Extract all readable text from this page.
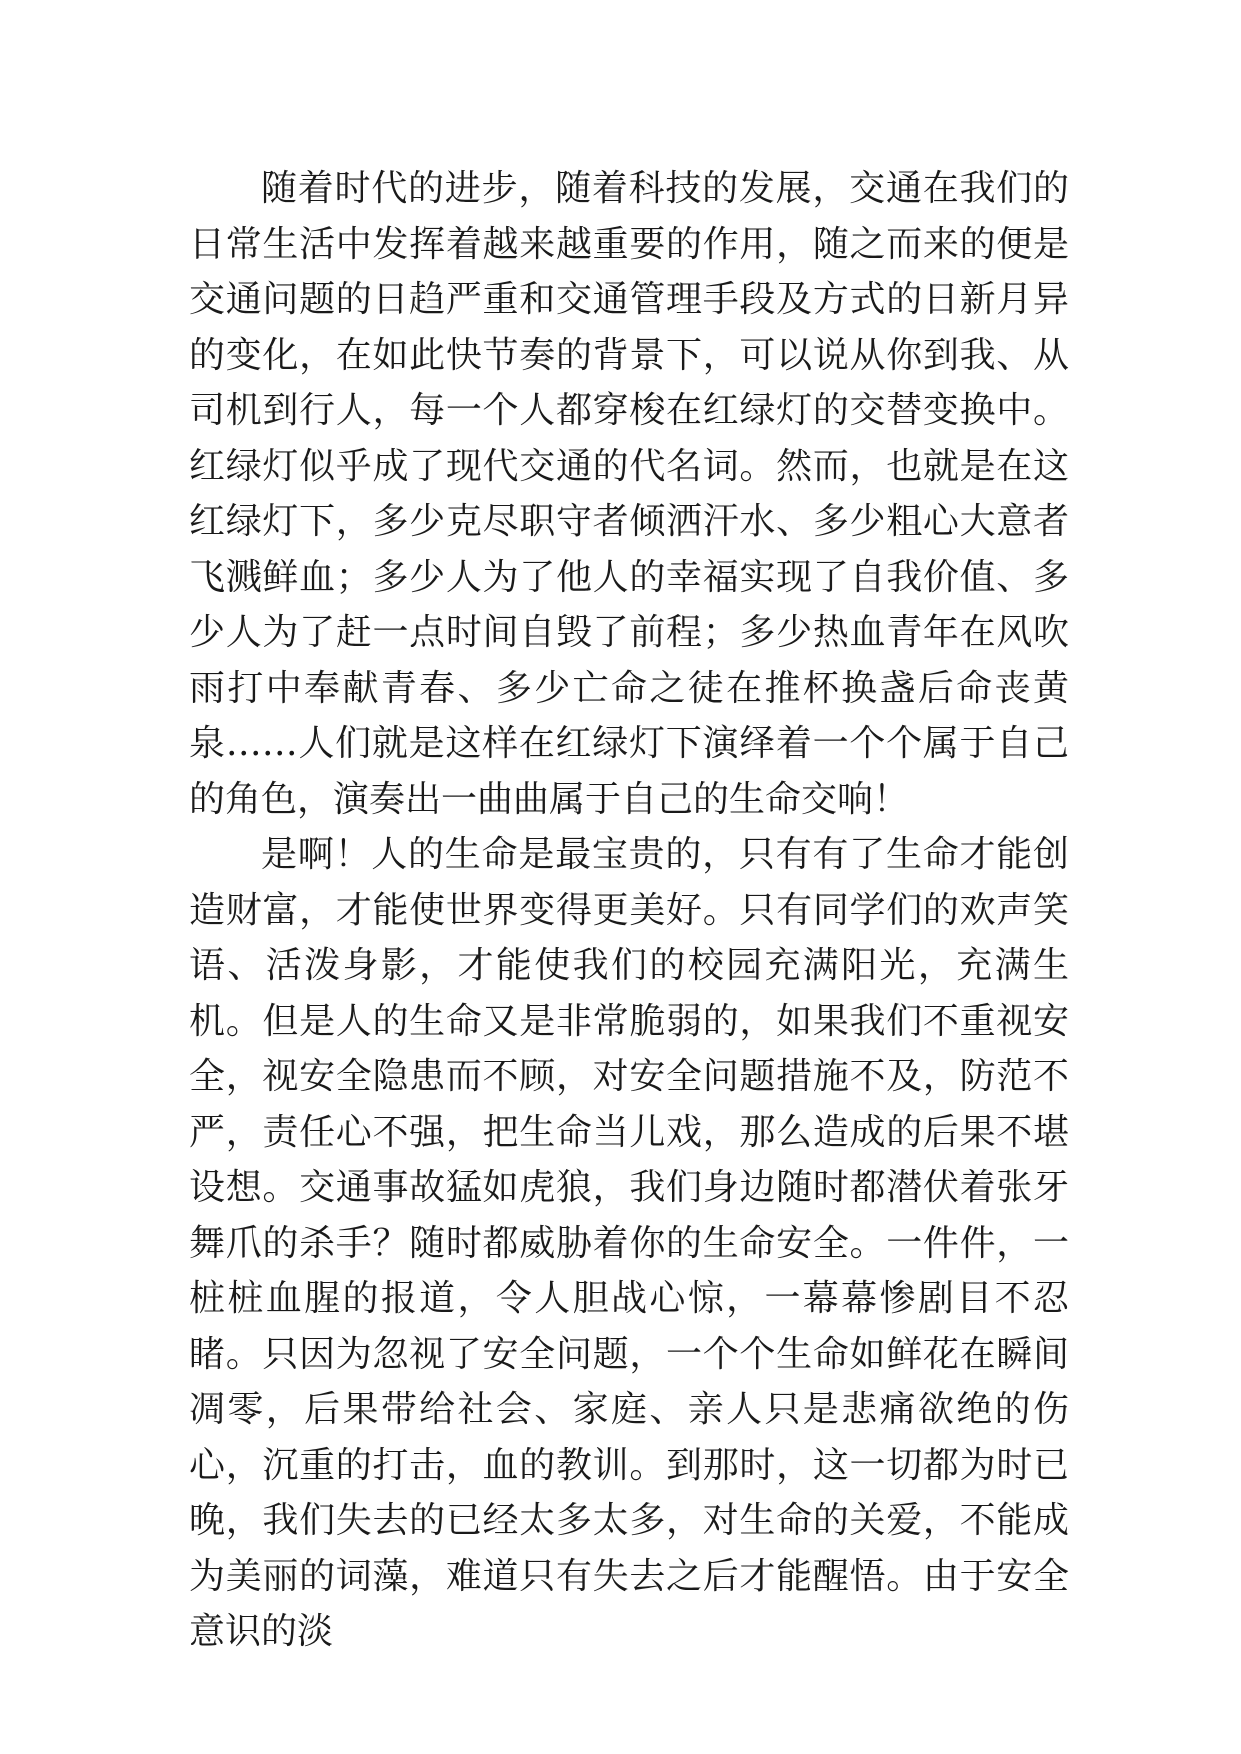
随着时代的进步，随着科技的发展，交通在我们的日常生活中发挥着越来越重要的作用，随之而来的便是交通问题的日趋严重和交通管理手段及方式的日新月异的变化，在如此快节奏的背景下，可以说从你到我、从司机到行人，每一个人都穿梭在红绿灯的交替变换中。红绿灯似乎成了现代交通的代名词。然而，也就是在这红绿灯下，多少克尽职守者倾洒汗水、多少粗心大意者飞溅鲜血；多少人为了他人的幸福实现了自我价值、多少人为了赶一点时间自毁了前程；多少热血青年在风吹雨打中奉献青春、多少亡命之徒在推杯换盏后命丧黄泉……人们就是这样在红绿灯下演绎着一个个属于自己的角色，演奏出一曲曲属于自己的生命交响！

是啊！人的生命是最宝贵的，只有有了生命才能创造财富，才能使世界变得更美好。只有同学们的欢声笑语、活泼身影，才能使我们的校园充满阳光，充满生机。但是人的生命又是非常脆弱的，如果我们不重视安全，视安全隐患而不顾，对安全问题措施不及，防范不严，责任心不强，把生命当儿戏，那么造成的后果不堪设想。交通事故猛如虎狼，我们身边随时都潜伏着张牙舞爪的杀手？随时都威胁着你的生命安全。一件件，一桩桩血腥的报道，令人胆战心惊，一幕幕惨剧目不忍睹。只因为忽视了安全问题，一个个生命如鲜花在瞬间凋零，后果带给社会、家庭、亲人只是悲痛欲绝的伤心，沉重的打击，血的教训。到那时，这一切都为时已晚，我们失去的已经太多太多，对生命的关爱，不能成为美丽的词藻，难道只有失去之后才能醒悟。由于安全意识的淡
